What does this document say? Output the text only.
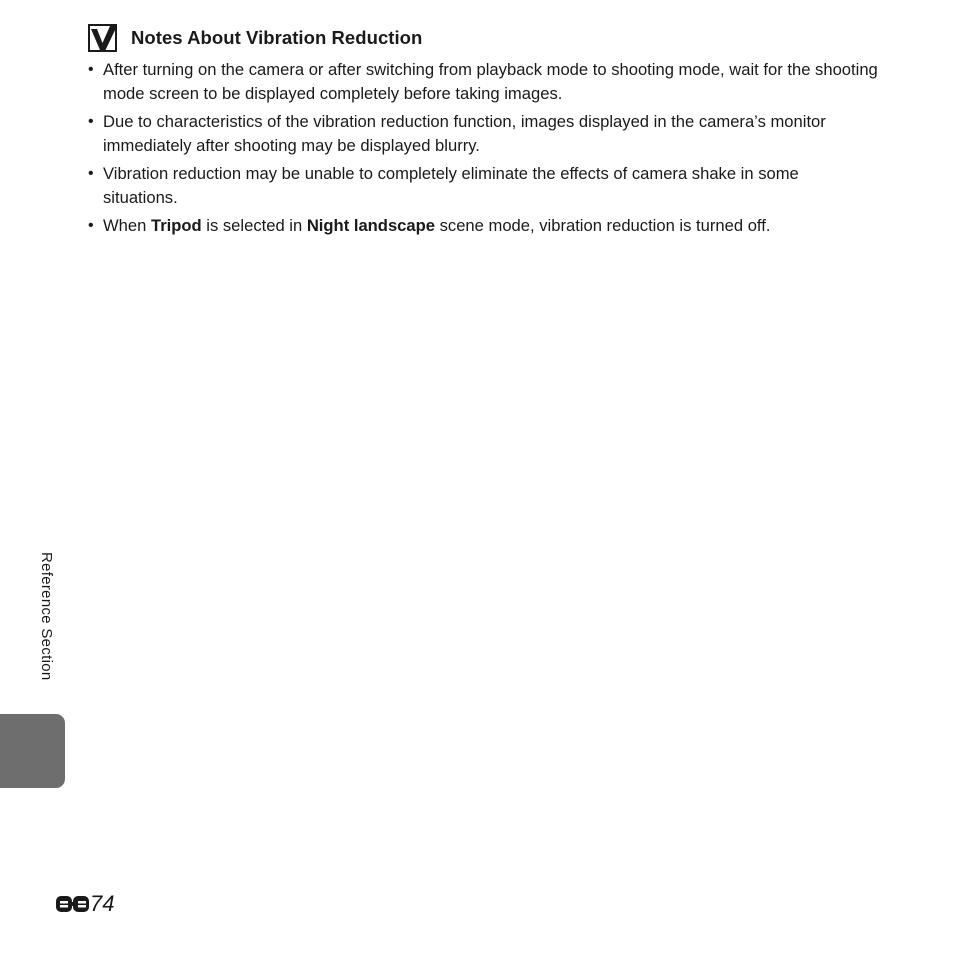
Notes About Vibration Reduction
• After turning on the camera or after switching from playback mode to shooting mode, wait for the shooting mode screen to be displayed completely before taking images.
• Due to characteristics of the vibration reduction function, images displayed in the camera’s monitor immediately after shooting may be displayed blurry.
• Vibration reduction may be unable to completely eliminate the effects of camera shake in some situations.
• When Tripod is selected in Night landscape scene mode, vibration reduction is turned off.
Reference Section
74
